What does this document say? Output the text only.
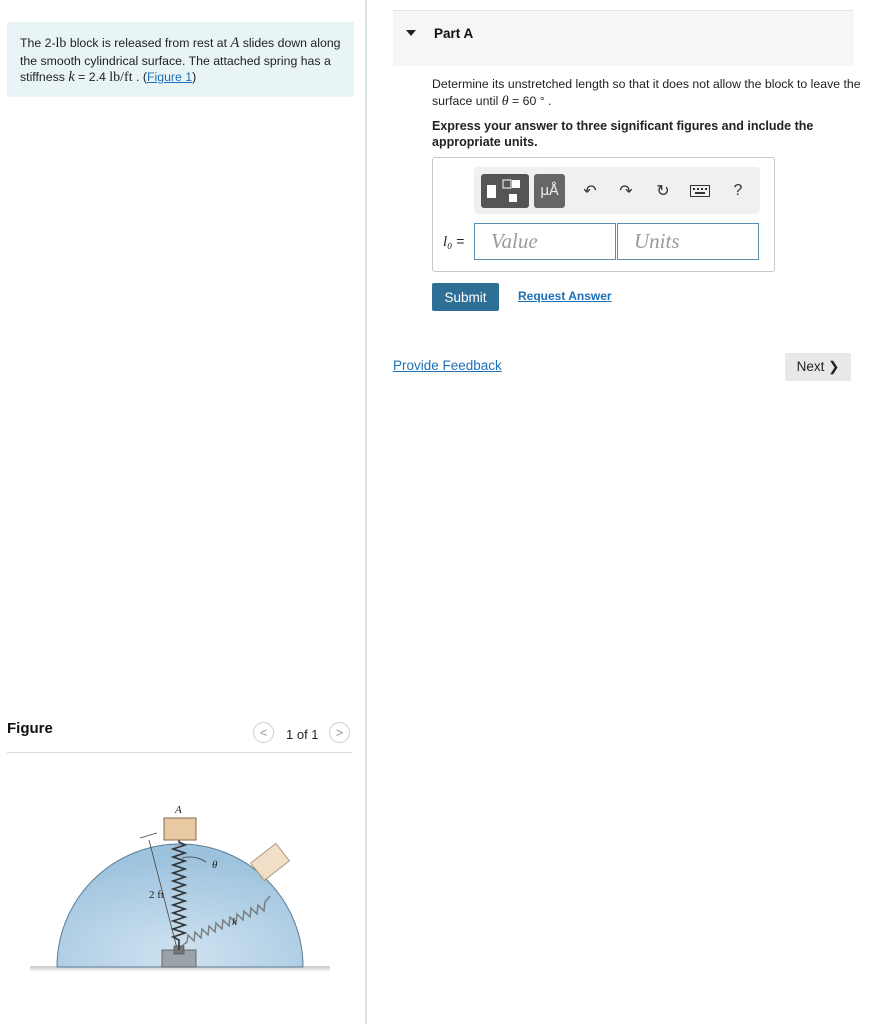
The 2-lb block is released from rest at A slides down along the smooth cylindrical surface. The attached spring has a stiffness k = 2.4 lb/ft . (Figure 1)
Figure	< 1 of 1 >
2 ft
θ
k
A
Part A
Determine its unstretched length so that it does not allow the block to leave the surface until θ = 60 ° .
Express your answer to three significant figures and include the appropriate units.
μÅ ↶ ↷ ↻	?
l₀ = Value	Units
Submit	Request Answer
Provide Feedback	Next ❯
